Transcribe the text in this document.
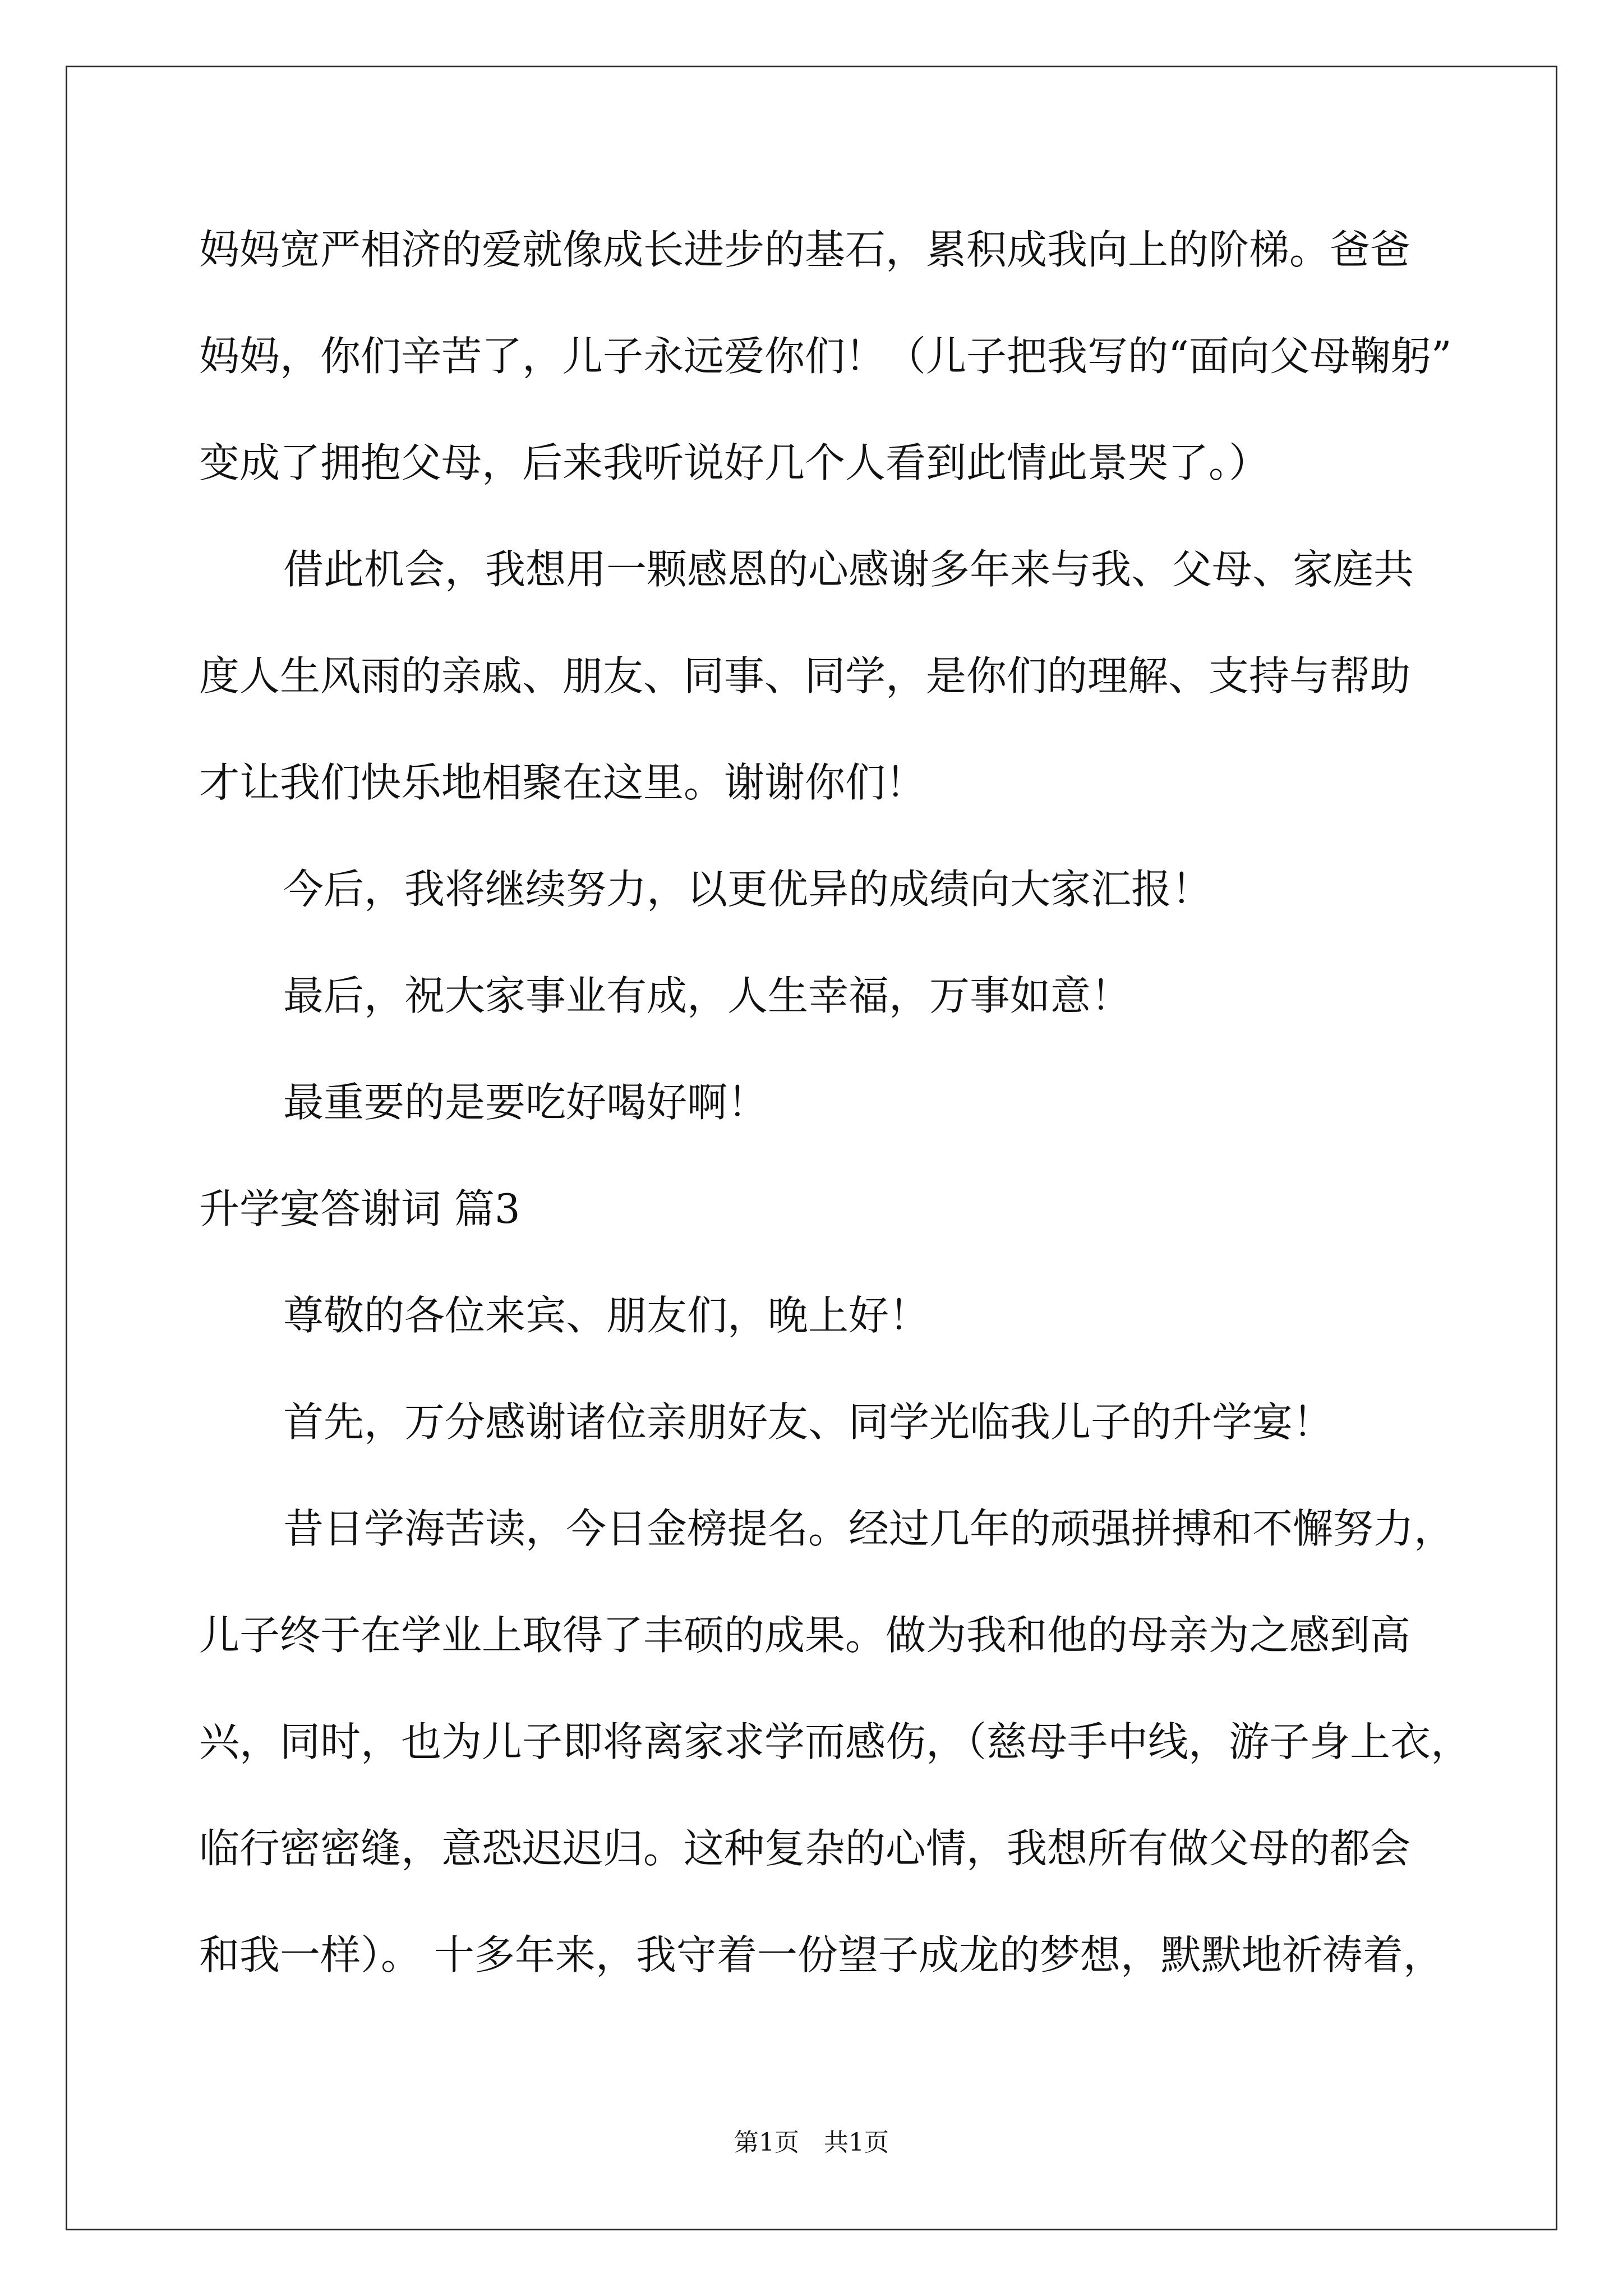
妈妈宽严相济的爱就像成长进步的基石，累积成我向上的阶梯。爸爸
妈妈，你们辛苦了，儿子永远爱你们！（儿子把我写的“面向父母鞠躬”
变成了拥抱父母，后来我听说好几个人看到此情此景哭了。）
借此机会，我想用一颗感恩的心感谢多年来与我、父母、家庭共
度人生风雨的亲戚、朋友、同事、同学，是你们的理解、支持与帮助
才让我们快乐地相聚在这里。谢谢你们！
今后，我将继续努力，以更优异的成绩向大家汇报！
最后，祝大家事业有成，人生幸福，万事如意！
最重要的是要吃好喝好啊！
升学宴答谢词 篇3
尊敬的各位来宾、朋友们，晚上好！
首先，万分感谢诸位亲朋好友、同学光临我儿子的升学宴！
昔日学海苦读，今日金榜提名。经过几年的顽强拼搏和不懈努力，
儿子终于在学业上取得了丰硕的成果。做为我和他的母亲为之感到高
兴，同时，也为儿子即将离家求学而感伤，（慈母手中线，游子身上衣，
临行密密缝，意恐迟迟归。这种复杂的心情，我想所有做父母的都会
和我一样）。 十多年来，我守着一份望子成龙的梦想，默默地祈祷着，
第1页　共1页
